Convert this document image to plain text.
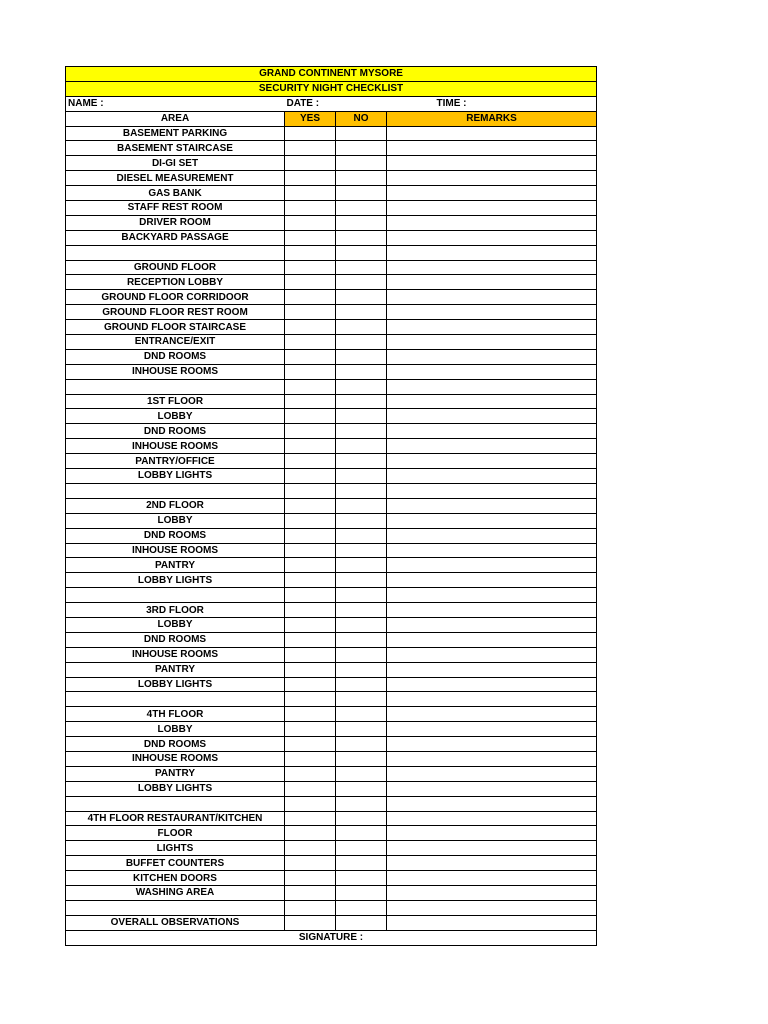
GRAND CONTINENT MYSORE			
SECURITY NIGHT CHECKLIST			
NAME :	DATE :		TIME :
AREA	YES	NO	REMARKS
BASEMENT PARKING			
BASEMENT STAIRCASE			
DI-GI SET			
DIESEL MEASUREMENT			
GAS BANK			
STAFF REST ROOM			
DRIVER ROOM			
BACKYARD PASSAGE			

GROUND FLOOR			
RECEPTION LOBBY			
GROUND FLOOR CORRIDOOR			
GROUND FLOOR REST ROOM			
GROUND FLOOR STAIRCASE			
ENTRANCE/EXIT			
DND ROOMS			
INHOUSE ROOMS			

1ST FLOOR			
LOBBY			
DND ROOMS			
INHOUSE ROOMS			
PANTRY/OFFICE			
LOBBY LIGHTS			

2ND FLOOR			
LOBBY			
DND ROOMS			
INHOUSE ROOMS			
PANTRY			
LOBBY LIGHTS			

3RD FLOOR			
LOBBY			
DND ROOMS			
INHOUSE ROOMS			
PANTRY			
LOBBY LIGHTS			

4TH FLOOR			
LOBBY			
DND ROOMS			
INHOUSE ROOMS			
PANTRY			
LOBBY LIGHTS			

4TH FLOOR RESTAURANT/KITCHEN			
FLOOR			
LIGHTS			
BUFFET COUNTERS			
KITCHEN DOORS			
WASHING AREA			

OVERALL OBSERVATIONS			
SIGNATURE :			
